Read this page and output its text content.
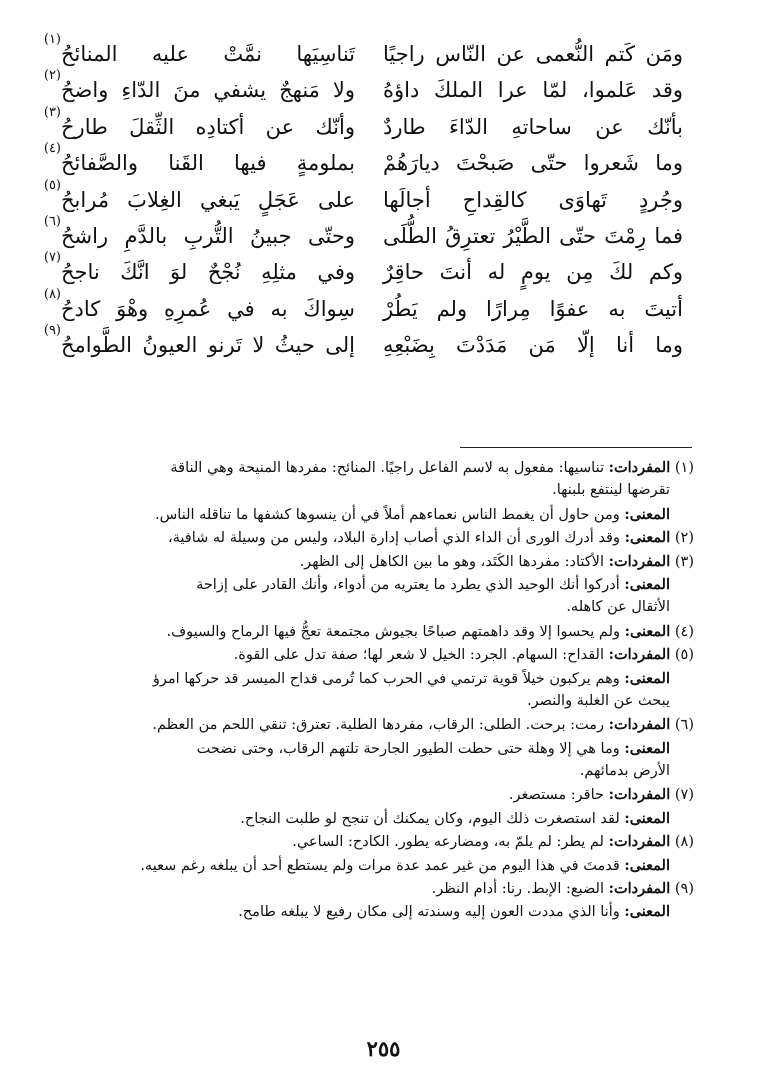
ومَن كَتم النُّعمى عن النّاس راجيًا
تَناسِيَها نمَّتْ عليه المنائحُ
(١)
وقد عَلموا، لمّا عرا الملكَ داؤهُ
ولا مَنهجٌ يشفي منَ الدّاءِ واضحُ
(٢)
بأنّك عن ساحاتهِ الدّاءَ طاردٌ
وأنّك عن أكتادِه الثِّقلَ طارحُ
(٣)
وما شَعروا حتّى صَبحْتَ ديارَهُمْ
بملومةٍ فيها القَنا والصَّفائحُ
(٤)
وجُردٍ تَهاوَى كالقِداحِ أجالَها
على عَجَلٍ يَبغي الغِلابَ مُرابحُ
(٥)
فما رِمْتَ حتّى الطَّيْرُ تعترِقُ الطُّلَى
وحتّى جبينُ التُّربِ بالدَّمِ راشحُ
(٦)
وكم لكَ مِن يومٍ له أنتَ حاقِرٌ
وفي مثلِهِ نُجْحٌ لوَ انَّكَ ناجحُ
(٧)
أتيتَ به عفوًا مِرارًا ولم يَطُرْ
سِواكَ به في عُمرِهِ وهْوَ كادحُ
(٨)
وما أنا إلّا مَن مَدَدْتَ بِضَبْعِهِ
إلى حيثُ لا تَرنو العيونُ الطَّوامحُ
(٩)
(١) المفردات: تناسيها: مفعول به لاسم الفاعل راجيًا. المنائح: مفردها المنيحة وهي الناقة
تقرضها لينتفع بلبنها.
المعنى: ومن حاول أن يغمط الناس نعماءهم أملاً في أن ينسوها كشفها ما تناقله الناس.
(٢) المعنى: وقد أدرك الورى أن الداء الذي أصاب إدارة البلاد، وليس من وسيلة له شافية،
(٣) المفردات: الأكتاد: مفردها الكَتَد، وهو ما بين الكاهل إلى الظهر.
المعنى: أدركوا أنك الوحيد الذي يطرد ما يعتريه من أدواء، وأنك القادر على إزاحة
الأثقال عن كاهله.
(٤) المعنى: ولم يحسوا إلا وقد داهمتهم صباحًا بجيوش مجتمعة تعجُّ فيها الرماح والسيوف.
(٥) المفردات: القداح: السهام. الجرد: الخيل لا شعر لها؛ صفة تدل على القوة.
المعنى: وهم يركبون خيلاً قوية ترتمي في الحرب كما تُرمى قداح الميسر قد حركها امرؤ
يبحث عن الغلبة والنصر.
(٦) المفردات: رمت: برحت. الطلى: الرقاب، مفردها الطلية. تعترق: تنقي اللحم من العظم.
المعنى: وما هي إلا وهلة حتى حطت الطيور الجارحة تلتهم الرقاب، وحتى نضحت
الأرض بدمائهم.
(٧) المفردات: حاقر: مستصغر.
المعنى: لقد استصغرت ذلك اليوم، وكان يمكنك أن تنجح لو طلبت النجاح.
(٨) المفردات: لم يطر: لم يلمّ به، ومضارعه يطور. الكادح: الساعي.
المعنى: قدمتَ في هذا اليوم من غير عمد عدة مرات ولم يستطع أحد أن يبلغه رغم سعيه.
(٩) المفردات: الضبع: الإبط. رنا: أدام النظر.
المعنى: وأنا الذي مددت العون إليه وسندته إلى مكان رفيع لا يبلغه طامح.
٢٥٥
